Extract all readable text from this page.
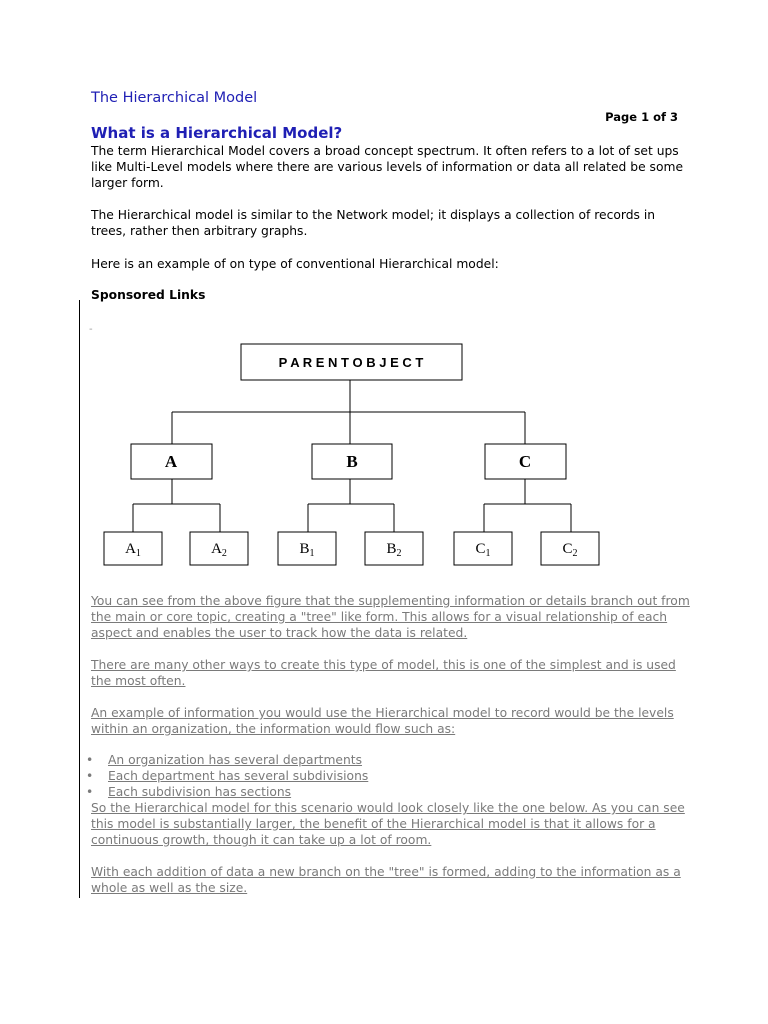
The Hierarchical Model
Page 1 of 3
What is a Hierarchical Model?

The term Hierarchical Model covers a broad concept spectrum. It often refers to a lot of set ups like Multi-Level models where there are various levels of information or data all related be some larger form.

The Hierarchical model is similar to the Network model; it displays a collection of records in trees, rather then arbitrary graphs.

Here is an example of on type of conventional Hierarchical model:

Sponsored Links
-
P A R E N T O B J E C T
A	B	C
$A_1$	$A_2$	$B_1$	$B_2$	$C_1$	$C_2$

You can see from the above figure that the supplementing information or details branch out from the main or core topic, creating a "tree" like form. This allows for a visual relationship of each aspect and enables the user to track how the data is related.

There are many other ways to create this type of model, this is one of the simplest and is used the most often.

An example of information you would use the Hierarchical model to record would be the levels within an organization, the information would flow such as:

• An organization has several departments
• Each department has several subdivisions
• Each subdivision has sections

So the Hierarchical model for this scenario would look closely like the one below. As you can see this model is substantially larger, the benefit of the Hierarchical model is that it allows for a continuous growth, though it can take up a lot of room.

With each addition of data a new branch on the "tree" is formed, adding to the information as a whole as well as the size.
